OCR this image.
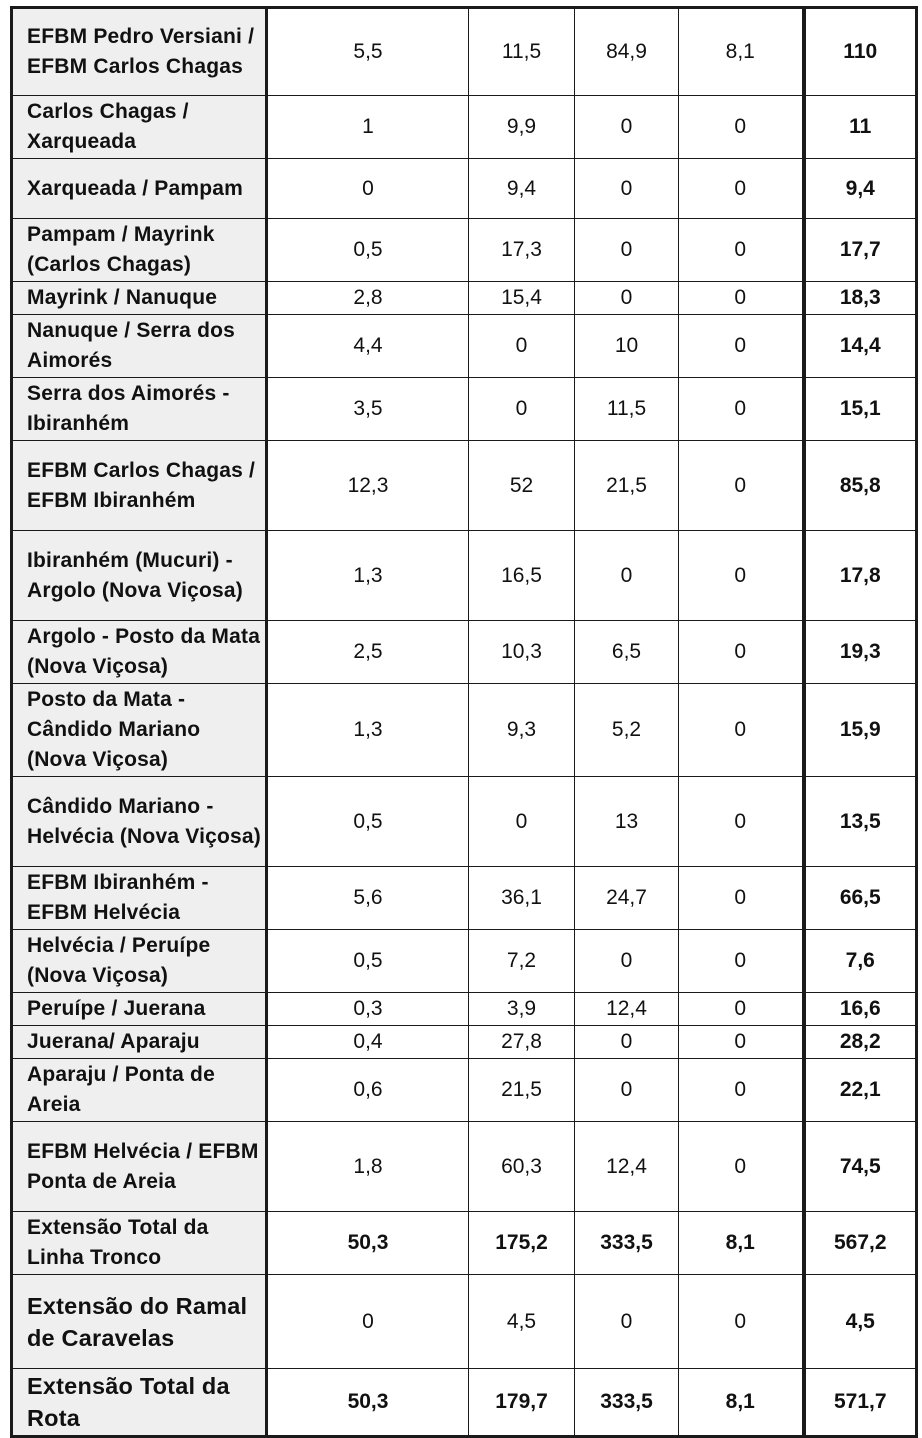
EFBM Pedro Versiani / EFBM Carlos Chagas	5,5	11,5	84,9	8,1	110
Carlos Chagas / Xarqueada	1	9,9	0	0	11
Xarqueada / Pampam	0	9,4	0	0	9,4
Pampam / Mayrink (Carlos Chagas)	0,5	17,3	0	0	17,7
Mayrink / Nanuque	2,8	15,4	0	0	18,3
Nanuque / Serra dos Aimorés	4,4	0	10	0	14,4
Serra dos Aimorés - Ibiranhém	3,5	0	11,5	0	15,1
EFBM Carlos Chagas / EFBM Ibiranhém	12,3	52	21,5	0	85,8
Ibiranhém (Mucuri) - Argolo (Nova Viçosa)	1,3	16,5	0	0	17,8
Argolo - Posto da Mata (Nova Viçosa)	2,5	10,3	6,5	0	19,3
Posto da Mata - Cândido Mariano (Nova Viçosa)	1,3	9,3	5,2	0	15,9
Cândido Mariano - Helvécia (Nova Viçosa)	0,5	0	13	0	13,5
EFBM Ibiranhém - EFBM Helvécia	5,6	36,1	24,7	0	66,5
Helvécia / Peruípe (Nova Viçosa)	0,5	7,2	0	0	7,6
Peruípe / Juerana	0,3	3,9	12,4	0	16,6
Juerana/ Aparaju	0,4	27,8	0	0	28,2
Aparaju / Ponta de Areia	0,6	21,5	0	0	22,1
EFBM Helvécia / EFBM Ponta de Areia	1,8	60,3	12,4	0	74,5
Extensão Total da Linha Tronco	50,3	175,2	333,5	8,1	567,2
Extensão do Ramal de Caravelas	0	4,5	0	0	4,5
Extensão Total da Rota	50,3	179,7	333,5	8,1	571,7
